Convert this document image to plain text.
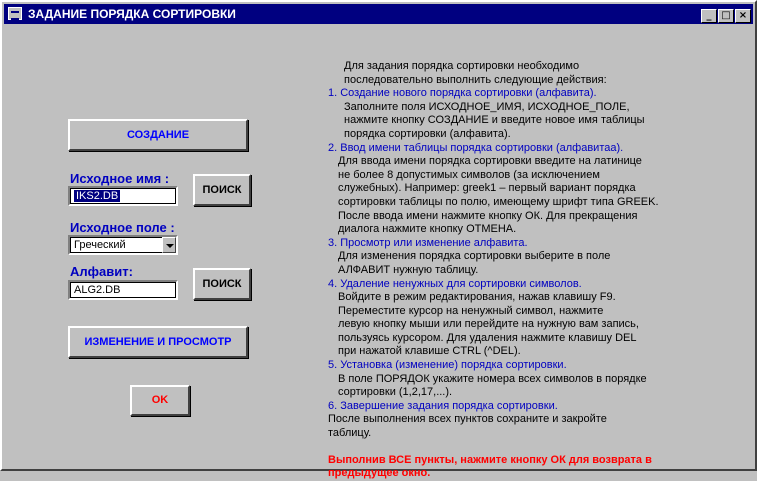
ЗАДАНИЕ ПОРЯДКА СОРТИРОВКИ	_ □ ×
СОЗДАНИЕ
Исходное имя :
IKS2.DB	ПОИСК
Исходное поле :
Греческий
Алфавит:
ALG2.DB	ПОИСК
ИЗМЕНЕНИЕ И ПРОСМОТР
OK
Для задания порядка сортировки необходимо
последовательно выполнить следующие действия:
1. Создание нового порядка сортировки (алфавита).
Заполните поля ИСХОДНОЕ_ИМЯ, ИСХОДНОЕ_ПОЛЕ,
нажмите кнопку СОЗДАНИЕ и введите новое имя таблицы
порядка сортировки (алфавита).
2. Ввод имени таблицы порядка сортировки (алфавитаа).
Для ввода имени порядка сортировки введите на латинице
не более 8 допустимых символов (за исключением
служебных). Например: greek1 – первый вариант порядка
сортировки таблицы по полю, имеющему шрифт типа GREEK.
После ввода имени нажмите кнопку ОК. Для прекращения
диалога нажмите кнопку ОТМЕНА.
3. Просмотр или изменение алфавита.
Для изменения порядка сортировки выберите в поле
АЛФАВИТ нужную таблицу.
4. Удаление ненужных для сортировки символов.
Войдите в режим редактирования, нажав клавишу F9.
Переместите курсор на ненужный символ, нажмите
левую кнопку мыши или перейдите на нужную вам запись,
пользуясь курсором. Для удаления нажмите клавишу DEL
при нажатой клавише CTRL (^DEL).
5. Установка (изменение) порядка сортировки.
В поле ПОРЯДОК укажите номера всех символов в порядке
сортировки (1,2,17,...).
6. Завершение задания порядка сортировки.
После выполнения всех пунктов сохраните и закройте
таблицу.
Выполнив ВСЕ пункты, нажмите кнопку ОК для возврата в
предыдущее окно.
